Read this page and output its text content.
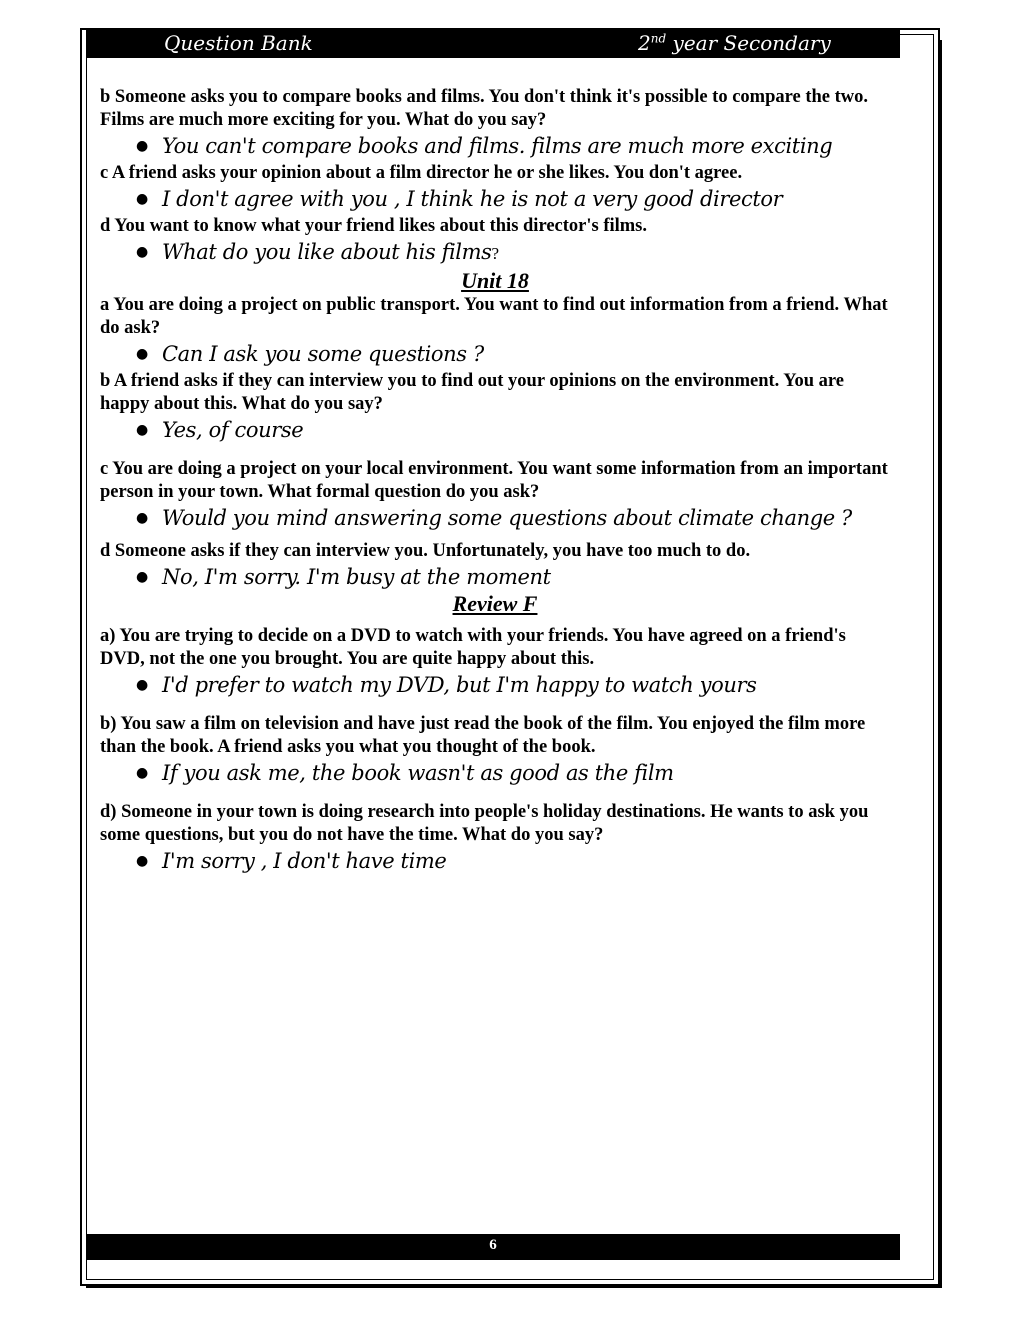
Question Bank	2nd year Secondary

b Someone asks you to compare books and films. You don't think it's possible to compare the two. Films are much more exciting for you. What do you say?

● You can't compare books and films. films are much more exciting

c A friend asks your opinion about a film director he or she likes. You don't agree.

● I don't agree with you , I think he is not a very good director

d You want to know what your friend likes about this director's films.

● What do you like about his films?

Unit 18

a You are doing a project on public transport. You want to find out information from a friend. What do ask?

● Can I ask you some questions ?

b A friend asks if they can interview you to find out your opinions on the environment. You are happy about this. What do you say?

● Yes, of course

c You are doing a project on your local environment. You want some information from an important person in your town. What formal question do you ask?

● Would you mind answering some questions about climate change ?

d Someone asks if they can interview you. Unfortunately, you have too much to do.

● No, I'm sorry. I'm busy at the moment

Review F

a) You are trying to decide on a DVD to watch with your friends. You have agreed on a friend's DVD, not the one you brought. You are quite happy about this.

● I'd prefer to watch my DVD, but I'm happy to watch yours

b) You saw a film on television and have just read the book of the film. You enjoyed the film more than the book. A friend asks you what you thought of the book.

● If you ask me, the book wasn't as good as the film

d) Someone in your town is doing research into people's holiday destinations. He wants to ask you some questions, but you do not have the time. What do you say?

● I'm sorry , I don't have time

6
